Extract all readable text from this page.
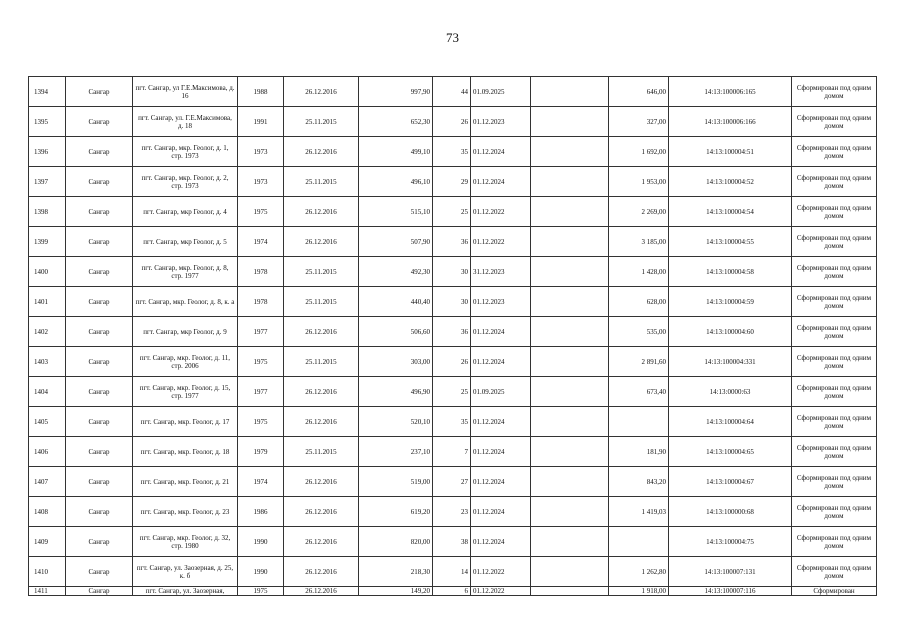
73
1394	Сангар	пгт. Сангар, ул Г.Е.Максимова, д. 16	1988	26.12.2016	997,90	44	01.09.2025		646,00	14:13:100006:165	Сформирован под одним домом
1395	Сангар	пгт. Сангар, ул. Г.Е.Максимова, д. 18	1991	25.11.2015	652,30	26	01.12.2023		327,00	14:13:100006:166	Сформирован под одним домом
1396	Сангар	пгт. Сангар, мкр. Геолог, д. 1, стр. 1973	1973	26.12.2016	499,10	35	01.12.2024		1 692,00	14:13:100004:51	Сформирован под одним домом
1397	Сангар	пгт. Сангар, мкр. Геолог, д. 2, стр. 1973	1973	25.11.2015	496,10	29	01.12.2024		1 953,00	14:13:100004:52	Сформирован под одним домом
1398	Сангар	пгт. Сангар, мкр Геолог, д. 4	1975	26.12.2016	515,10	25	01.12.2022		2 269,00	14:13:100004:54	Сформирован под одним домом
1399	Сангар	пгт. Сангар, мкр Геолог, д. 5	1974	26.12.2016	507,90	36	01.12.2022		3 185,00	14:13:100004:55	Сформирован под одним домом
1400	Сангар	пгт. Сангар, мкр. Геолог, д. 8, стр. 1977	1978	25.11.2015	492,30	30	31.12.2023		1 428,00	14:13:100004:58	Сформирован под одним домом
1401	Сангар	пгт. Сангар, мкр. Геолог, д. 8, к. а	1978	25.11.2015	440,40	30	01.12.2023		628,00	14:13:100004:59	Сформирован под одним домом
1402	Сангар	пгт. Сангар, мкр Геолог, д. 9	1977	26.12.2016	506,60	36	01.12.2024		535,00	14:13:100004:60	Сформирован под одним домом
1403	Сангар	пгт. Сангар, мкр. Геолог, д. 11, стр. 2006	1975	25.11.2015	303,00	26	01.12.2024		2 891,60	14:13:100004:331	Сформирован под одним домом
1404	Сангар	пгт. Сангар, мкр. Геолог, д. 15, стр. 1977	1977	26.12.2016	496,90	25	01.09.2025		673,40	14:13:0000:63	Сформирован под одним домом
1405	Сангар	пгт. Сангар, мкр. Геолог, д. 17	1975	26.12.2016	520,10	35	01.12.2024			14:13:100004:64	Сформирован под одним домом
1406	Сангар	пгт. Сангар, мкр. Геолог, д. 18	1979	25.11.2015	237,10	7	01.12.2024		181,90	14:13:100004:65	Сформирован под одним домом
1407	Сангар	пгт. Сангар, мкр. Геолог, д. 21	1974	26.12.2016	519,00	27	01.12.2024		843,20	14:13:100004:67	Сформирован под одним домом
1408	Сангар	пгт. Сангар, мкр. Геолог, д. 23	1986	26.12.2016	619,20	23	01.12.2024		1 419,03	14:13:100000:68	Сформирован под одним домом
1409	Сангар	пгт. Сангар, мкр. Геолог, д. 32, стр. 1980	1990	26.12.2016	820,00	38	01.12.2024			14:13:100004:75	Сформирован под одним домом
1410	Сангар	пгт. Сангар, ул. Заозерная, д. 25, к. б	1990	26.12.2016	218,30	14	01.12.2022		1 262,80	14:13:100007:131	Сформирован под одним домом
1411	Сангар	пгт. Сангар, ул. Заозерная,	1975	26.12.2016	149,20	6	01.12.2022		1 918,00	14:13:100007:116	Сформирован
